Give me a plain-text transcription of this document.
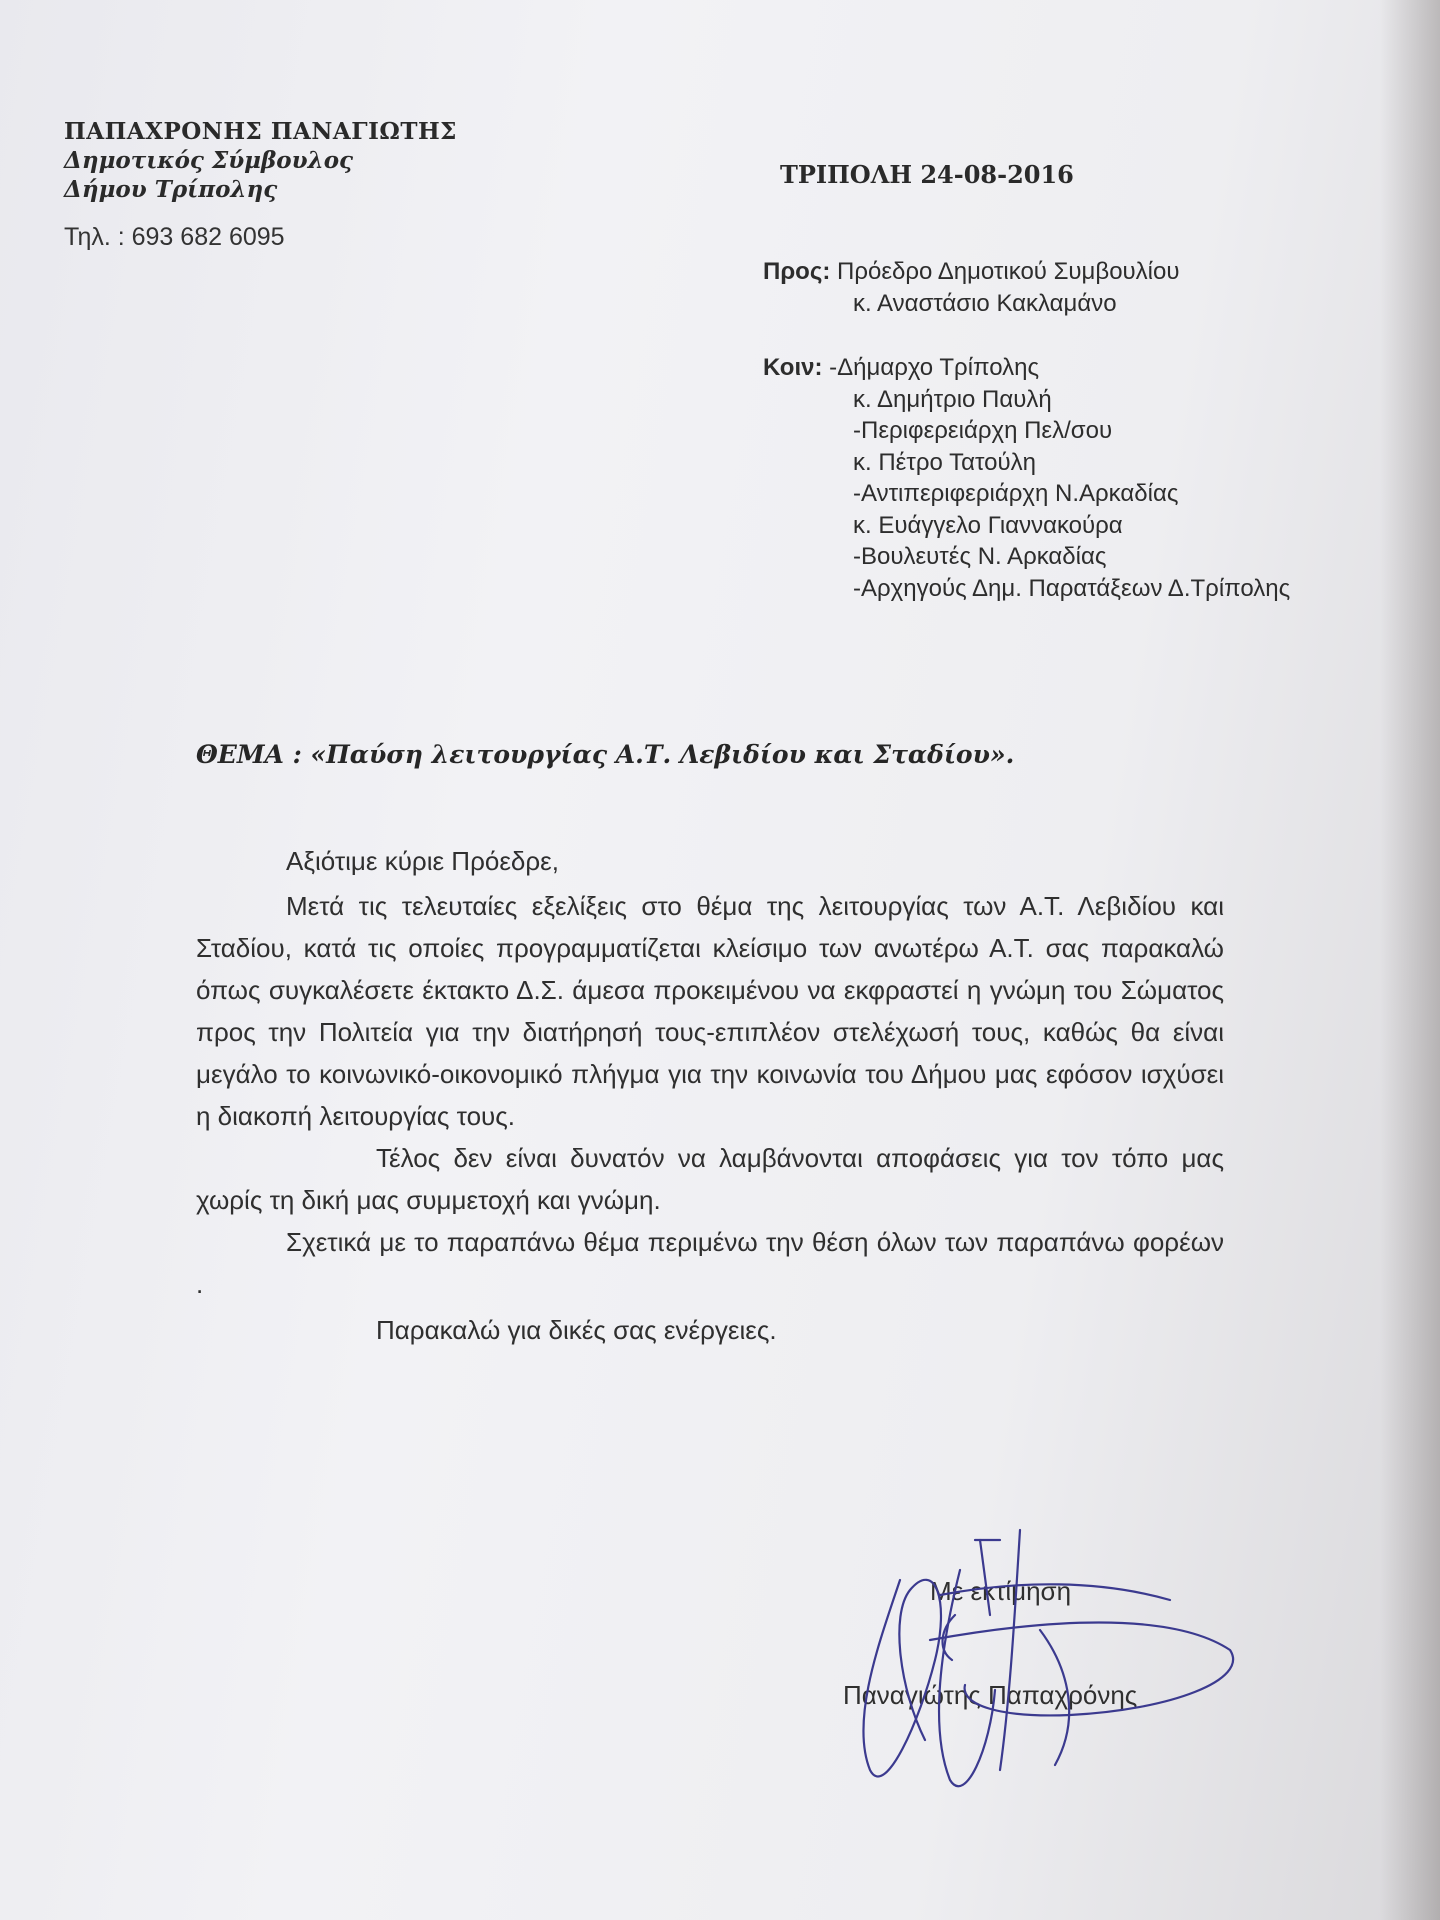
ΠΑΠΑΧΡΟΝΗΣ ΠΑΝΑΓΙΩΤΗΣ
Δημοτικός Σύμβουλος
Δήμου Τρίπολης
Τηλ. : 693 682 6095
ΤΡΙΠΟΛΗ 24-08-2016
Προς: Πρόεδρο Δημοτικού Συμβουλίου
κ. Αναστάσιο Κακλαμάνο
Κοιν: -Δήμαρχο Τρίπολης
κ. Δημήτριο Παυλή
-Περιφερειάρχη Πελ/σου
κ. Πέτρο Τατούλη
-Αντιπεριφεριάρχη Ν.Αρκαδίας
κ. Ευάγγελο Γιαννακούρα
-Βουλευτές Ν. Αρκαδίας
-Αρχηγούς Δημ. Παρατάξεων Δ.Τρίπολης
ΘΕΜΑ : «Παύση λειτουργίας Α.Τ. Λεβιδίου και Σταδίου».

Αξιότιμε κύριε Πρόεδρε,

Μετά τις τελευταίες εξελίξεις στο θέμα της λειτουργίας των Α.Τ. Λεβιδίου και Σταδίου, κατά τις οποίες προγραμματίζεται κλείσιμο των ανωτέρω Α.Τ. σας παρακαλώ όπως συγκαλέσετε έκτακτο Δ.Σ. άμεσα προκειμένου να εκφραστεί η γνώμη του Σώματος προς την Πολιτεία για την διατήρησή τους-επιπλέον στελέχωσή τους, καθώς θα είναι μεγάλο το κοινωνικό-οικονομικό πλήγμα για την κοινωνία του Δήμου μας εφόσον ισχύσει η διακοπή λειτουργίας τους.

Τέλος δεν είναι δυνατόν να λαμβάνονται αποφάσεις για τον τόπο μας χωρίς τη δική μας συμμετοχή και γνώμη.

Σχετικά με το παραπάνω θέμα περιμένω την θέση όλων των παραπάνω φορέων .

Παρακαλώ για δικές σας ενέργειες.

Με εκτίμηση
Παναγιώτης Παπαχρόνης
